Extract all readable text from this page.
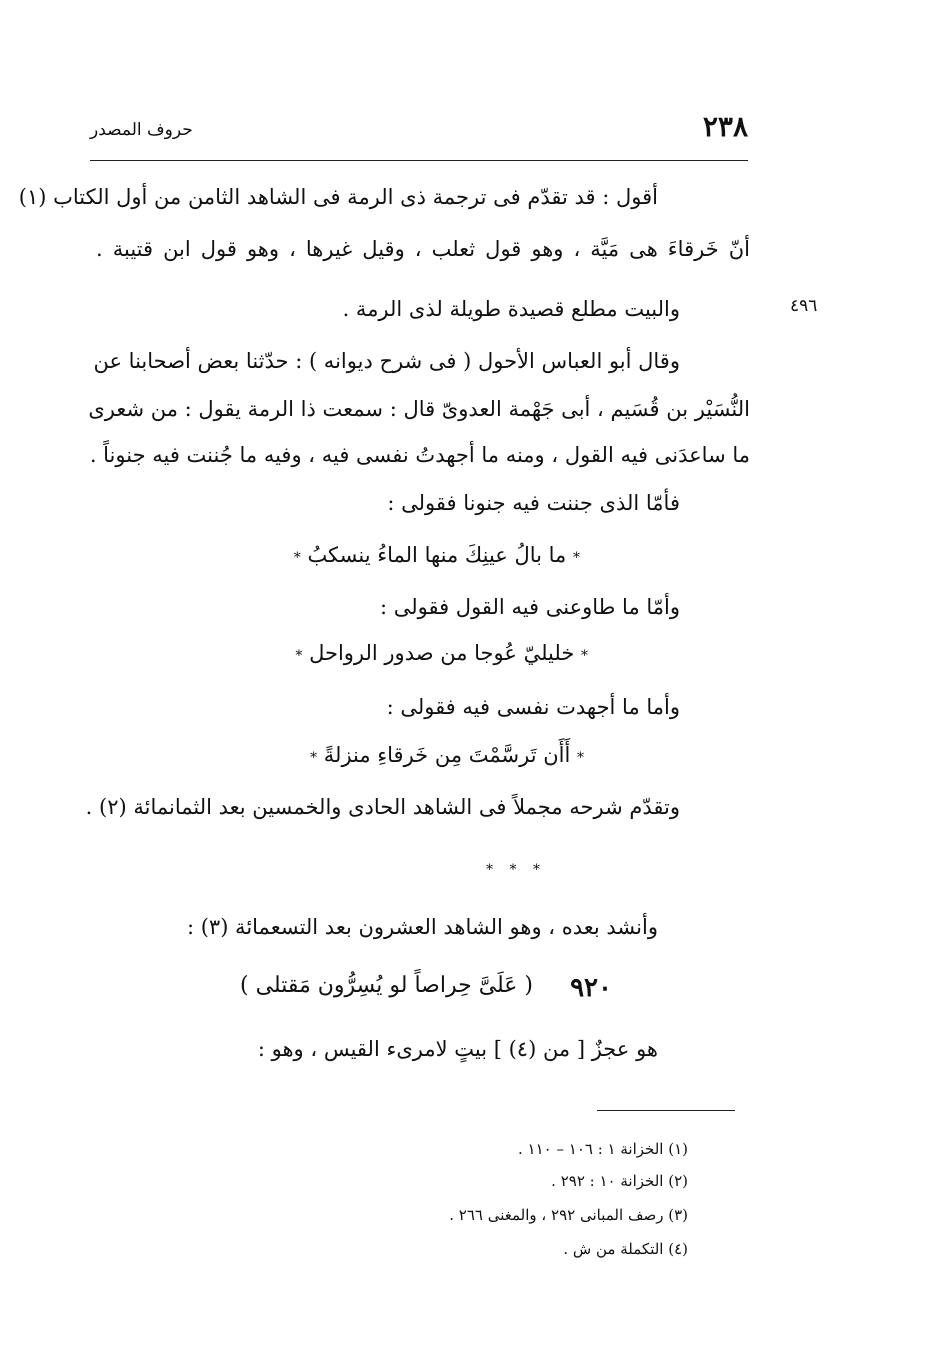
٢٣٨
حروف المصدر
٤٩٦
أقول : قد تقدّم فى ترجمة ذى الرمة فى الشاهد الثامن من أول الكتاب (١)
أنّ خَرقاءَ هى مَيَّة ، وهو قول ثعلب ، وقيل غيرها ، وهو قول ابن قتيبة .
والبيت مطلع قصيدة طويلة لذى الرمة .
وقال أبو العباس الأحول ( فى شرح ديوانه ) : حدّثنا بعض أصحابنا عن
النُّسَيْر بن قُسَيم ، أبى جَهْمة العدوىّ قال : سمعت ذا الرمة يقول : من شعرى
ما ساعدَنى فيه القول ، ومنه ما أجهدتُ نفسى فيه ، وفيه ما جُننت فيه جنوناً .
فأمّا الذى جننت فيه جنونا فقولى :
* ما بالُ عينِكَ منها الماءُ ينسكبُ *
وأمّا ما طاوعنى فيه القول فقولى :
* خليليّ عُوجا من صدور الرواحل *
وأما ما أجهدت نفسى فيه فقولى :
* أَأَن تَرسَّمْتَ مِن خَرقاءِ منزلةً *
وتقدّم شرحه مجملاً فى الشاهد الحادى والخمسين بعد الثمانمائة (٢) .
* * *
وأنشد بعده ، وهو الشاهد العشرون بعد التسعمائة (٣) :
٩٢٠
( عَلَىَّ حِراصاً لو يُسِرُّون مَقتلى )
هو عجزٌ [ من (٤) ] بيتٍ لامرىء القيس ، وهو :
(١) الخزانة ١ : ١٠٦ – ١١٠ .
(٢) الخزانة ١٠ : ٢٩٢ .
(٣) رصف المبانى ٢٩٢ ، والمغنى ٢٦٦ .
(٤) التكملة من ش .
